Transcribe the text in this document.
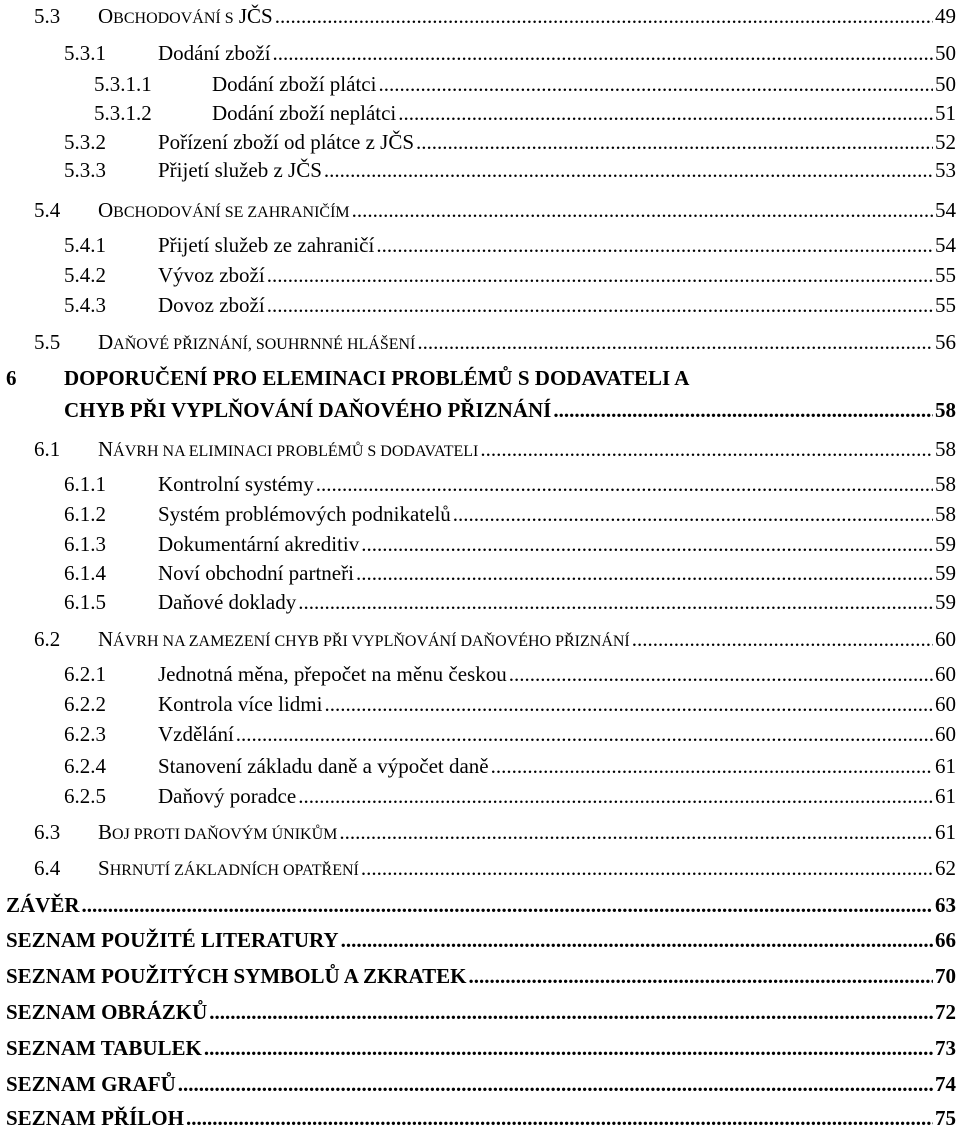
5.3	OBCHODOVÁNÍ S JČS .....	49
5.3.1	Dodání zboží .....	50
5.3.1.1	Dodání zboží plátci .....	50
5.3.1.2	Dodání zboží neplátci .....	51
5.3.2	Pořízení zboží od plátce z JČS .....	52
5.3.3	Přijetí služeb z JČS .....	53
5.4	OBCHODOVÁNÍ SE ZAHRANIČÍM .....	54
5.4.1	Přijetí služeb ze zahraničí .....	54
5.4.2	Vývoz zboží .....	55
5.4.3	Dovoz zboží .....	55
5.5	DAŇOVÉ PŘIZNÁNÍ, SOUHRNNÉ HLÁŠENÍ .....	56
6	DOPORUČENÍ PRO ELEMINACI PROBLÉMŮ S DODAVATELI A
CHYB PŘI VYPLŇOVÁNÍ DAŇOVÉHO PŘIZNÁNÍ .....	58
6.1	NÁVRH NA ELIMINACI PROBLÉMŮ S DODAVATELI .....	58
6.1.1	Kontrolní systémy .....	58
6.1.2	Systém problémových podnikatelů .....	58
6.1.3	Dokumentární akreditiv .....	59
6.1.4	Noví obchodní partneři .....	59
6.1.5	Daňové doklady .....	59
6.2	NÁVRH NA ZAMEZENÍ CHYB PŘI VYPLŇOVÁNÍ DAŇOVÉHO PŘIZNÁNÍ .....	60
6.2.1	Jednotná měna, přepočet na měnu českou .....	60
6.2.2	Kontrola více lidmi .....	60
6.2.3	Vzdělání .....	60
6.2.4	Stanovení základu daně a výpočet daně .....	61
6.2.5	Daňový poradce .....	61
6.3	BOJ PROTI DAŇOVÝM ÚNIKŮM .....	61
6.4	SHRNUTÍ ZÁKLADNÍCH OPATŘENÍ .....	62
ZÁVĚR .....	63
SEZNAM POUŽITÉ LITERATURY .....	66
SEZNAM POUŽITÝCH SYMBOLŮ A ZKRATEK .....	70
SEZNAM OBRÁZKŮ .....	72
SEZNAM TABULEK .....	73
SEZNAM GRAFŮ .....	74
SEZNAM PŘÍLOH .....	75
